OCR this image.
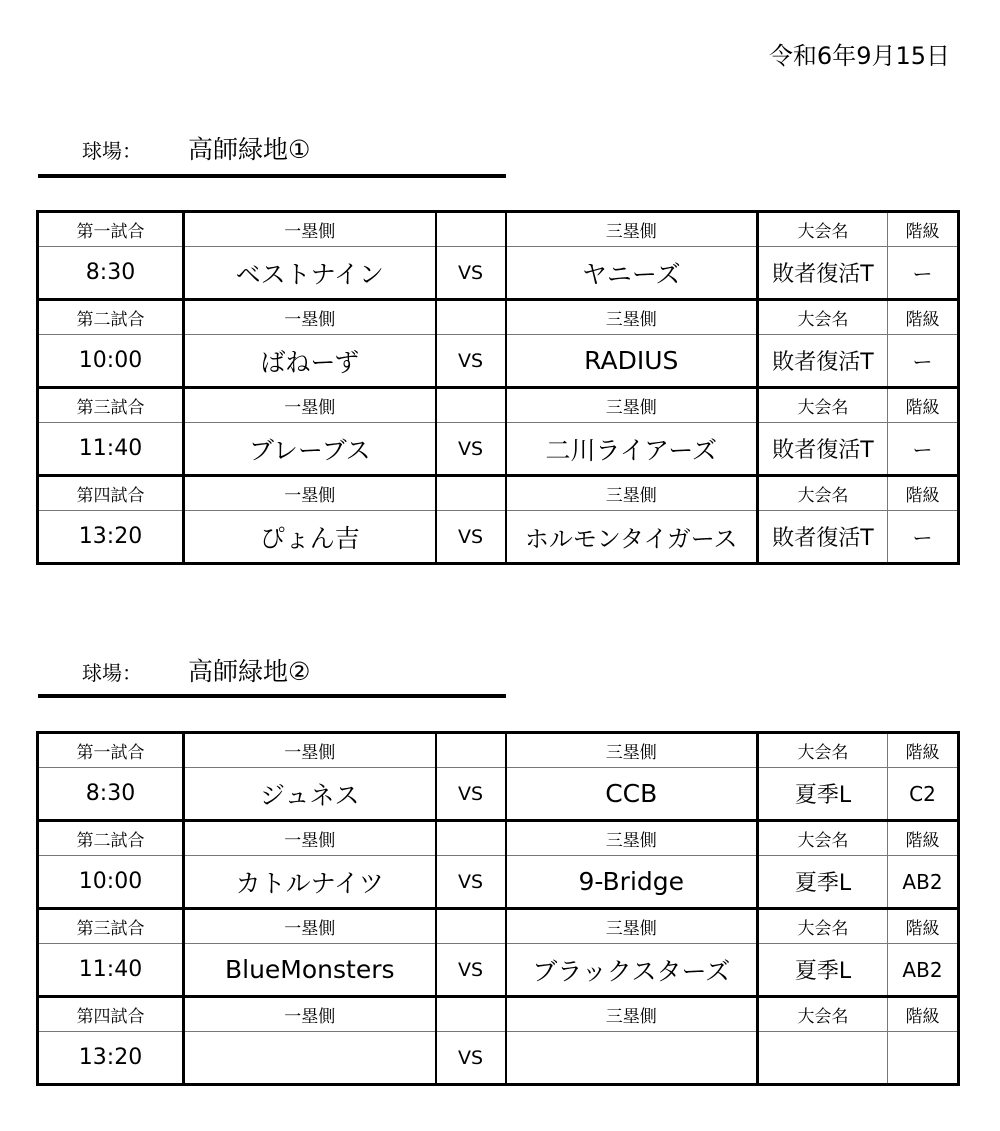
令和6年9月15日
球場：	高師緑地①
第一試合	一塁側		三塁側	大会名	階級
8:30	ベストナイン	VS	ヤニーズ	敗者復活T	ー
第二試合	一塁側		三塁側	大会名	階級
10:00	ばねーず	VS	RADIUS	敗者復活T	ー
第三試合	一塁側		三塁側	大会名	階級
11:40	ブレーブス	VS	二川ライアーズ	敗者復活T	ー
第四試合	一塁側		三塁側	大会名	階級
13:20	ぴょん吉	VS	ホルモンタイガース	敗者復活T	ー
球場：	高師緑地②
第一試合	一塁側		三塁側	大会名	階級
8:30	ジュネス	VS	CCB	夏季L	C2
第二試合	一塁側		三塁側	大会名	階級
10:00	カトルナイツ	VS	9-Bridge	夏季L	AB2
第三試合	一塁側		三塁側	大会名	階級
11:40	BlueMonsters	VS	ブラックスターズ	夏季L	AB2
第四試合	一塁側		三塁側	大会名	階級
13:20		VS			
